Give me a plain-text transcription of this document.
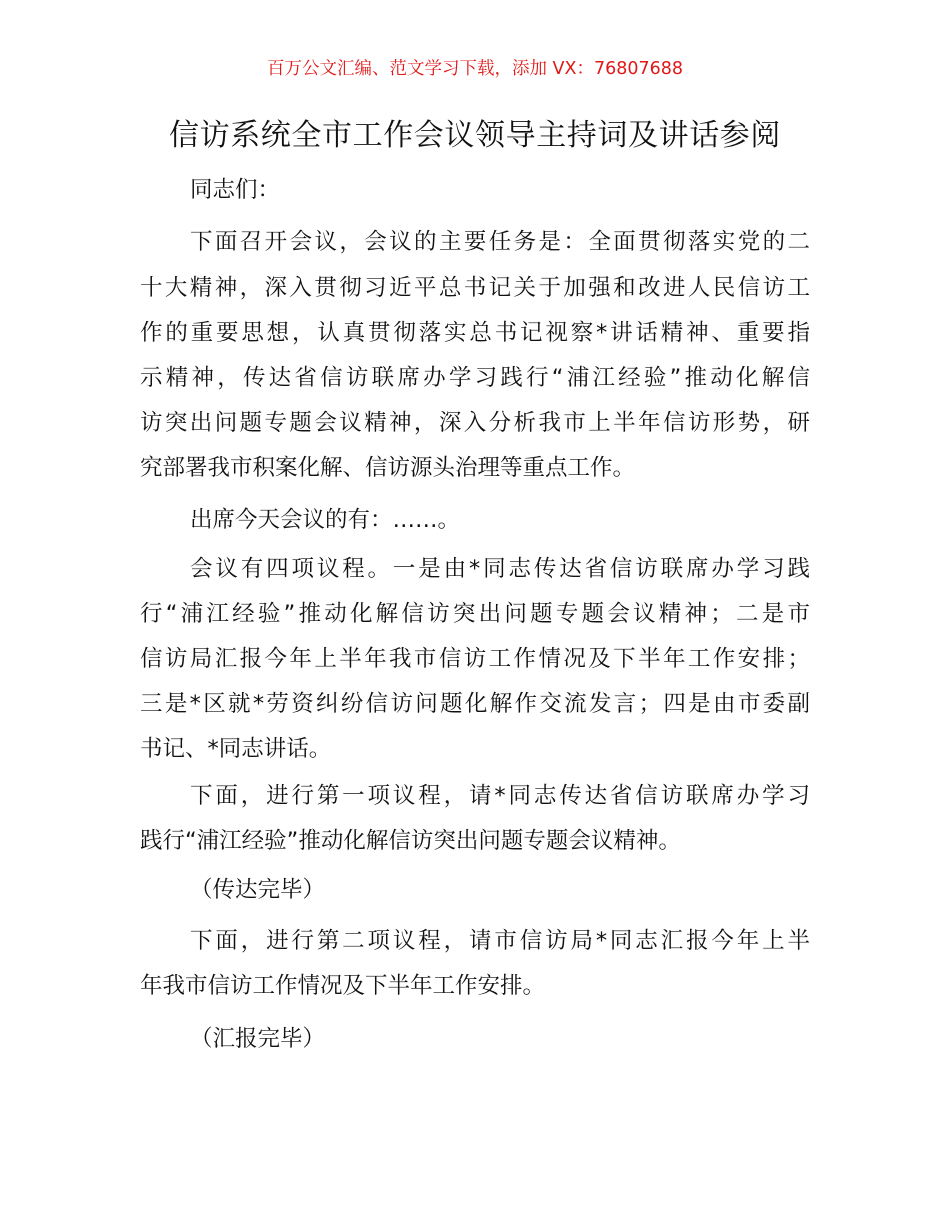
百万公文汇编、范文学习下载，添加 VX：76807688
信访系统全市工作会议领导主持词及讲话参阅
同志们：
下面召开会议，会议的主要任务是：全面贯彻落实党的二
十大精神，深入贯彻习近平总书记关于加强和改进人民信访工
作的重要思想，认真贯彻落实总书记视察*讲话精神、重要指
示精神，传达省信访联席办学习践行“浦江经验”推动化解信
访突出问题专题会议精神，深入分析我市上半年信访形势，研
究部署我市积案化解、信访源头治理等重点工作。
出席今天会议的有：……。
会议有四项议程。一是由*同志传达省信访联席办学习践
行“浦江经验”推动化解信访突出问题专题会议精神；二是市
信访局汇报今年上半年我市信访工作情况及下半年工作安排；
三是*区就*劳资纠纷信访问题化解作交流发言；四是由市委副
书记、*同志讲话。
下面，进行第一项议程，请*同志传达省信访联席办学习
践行“浦江经验”推动化解信访突出问题专题会议精神。
（传达完毕）
下面，进行第二项议程，请市信访局*同志汇报今年上半
年我市信访工作情况及下半年工作安排。
（汇报完毕）
